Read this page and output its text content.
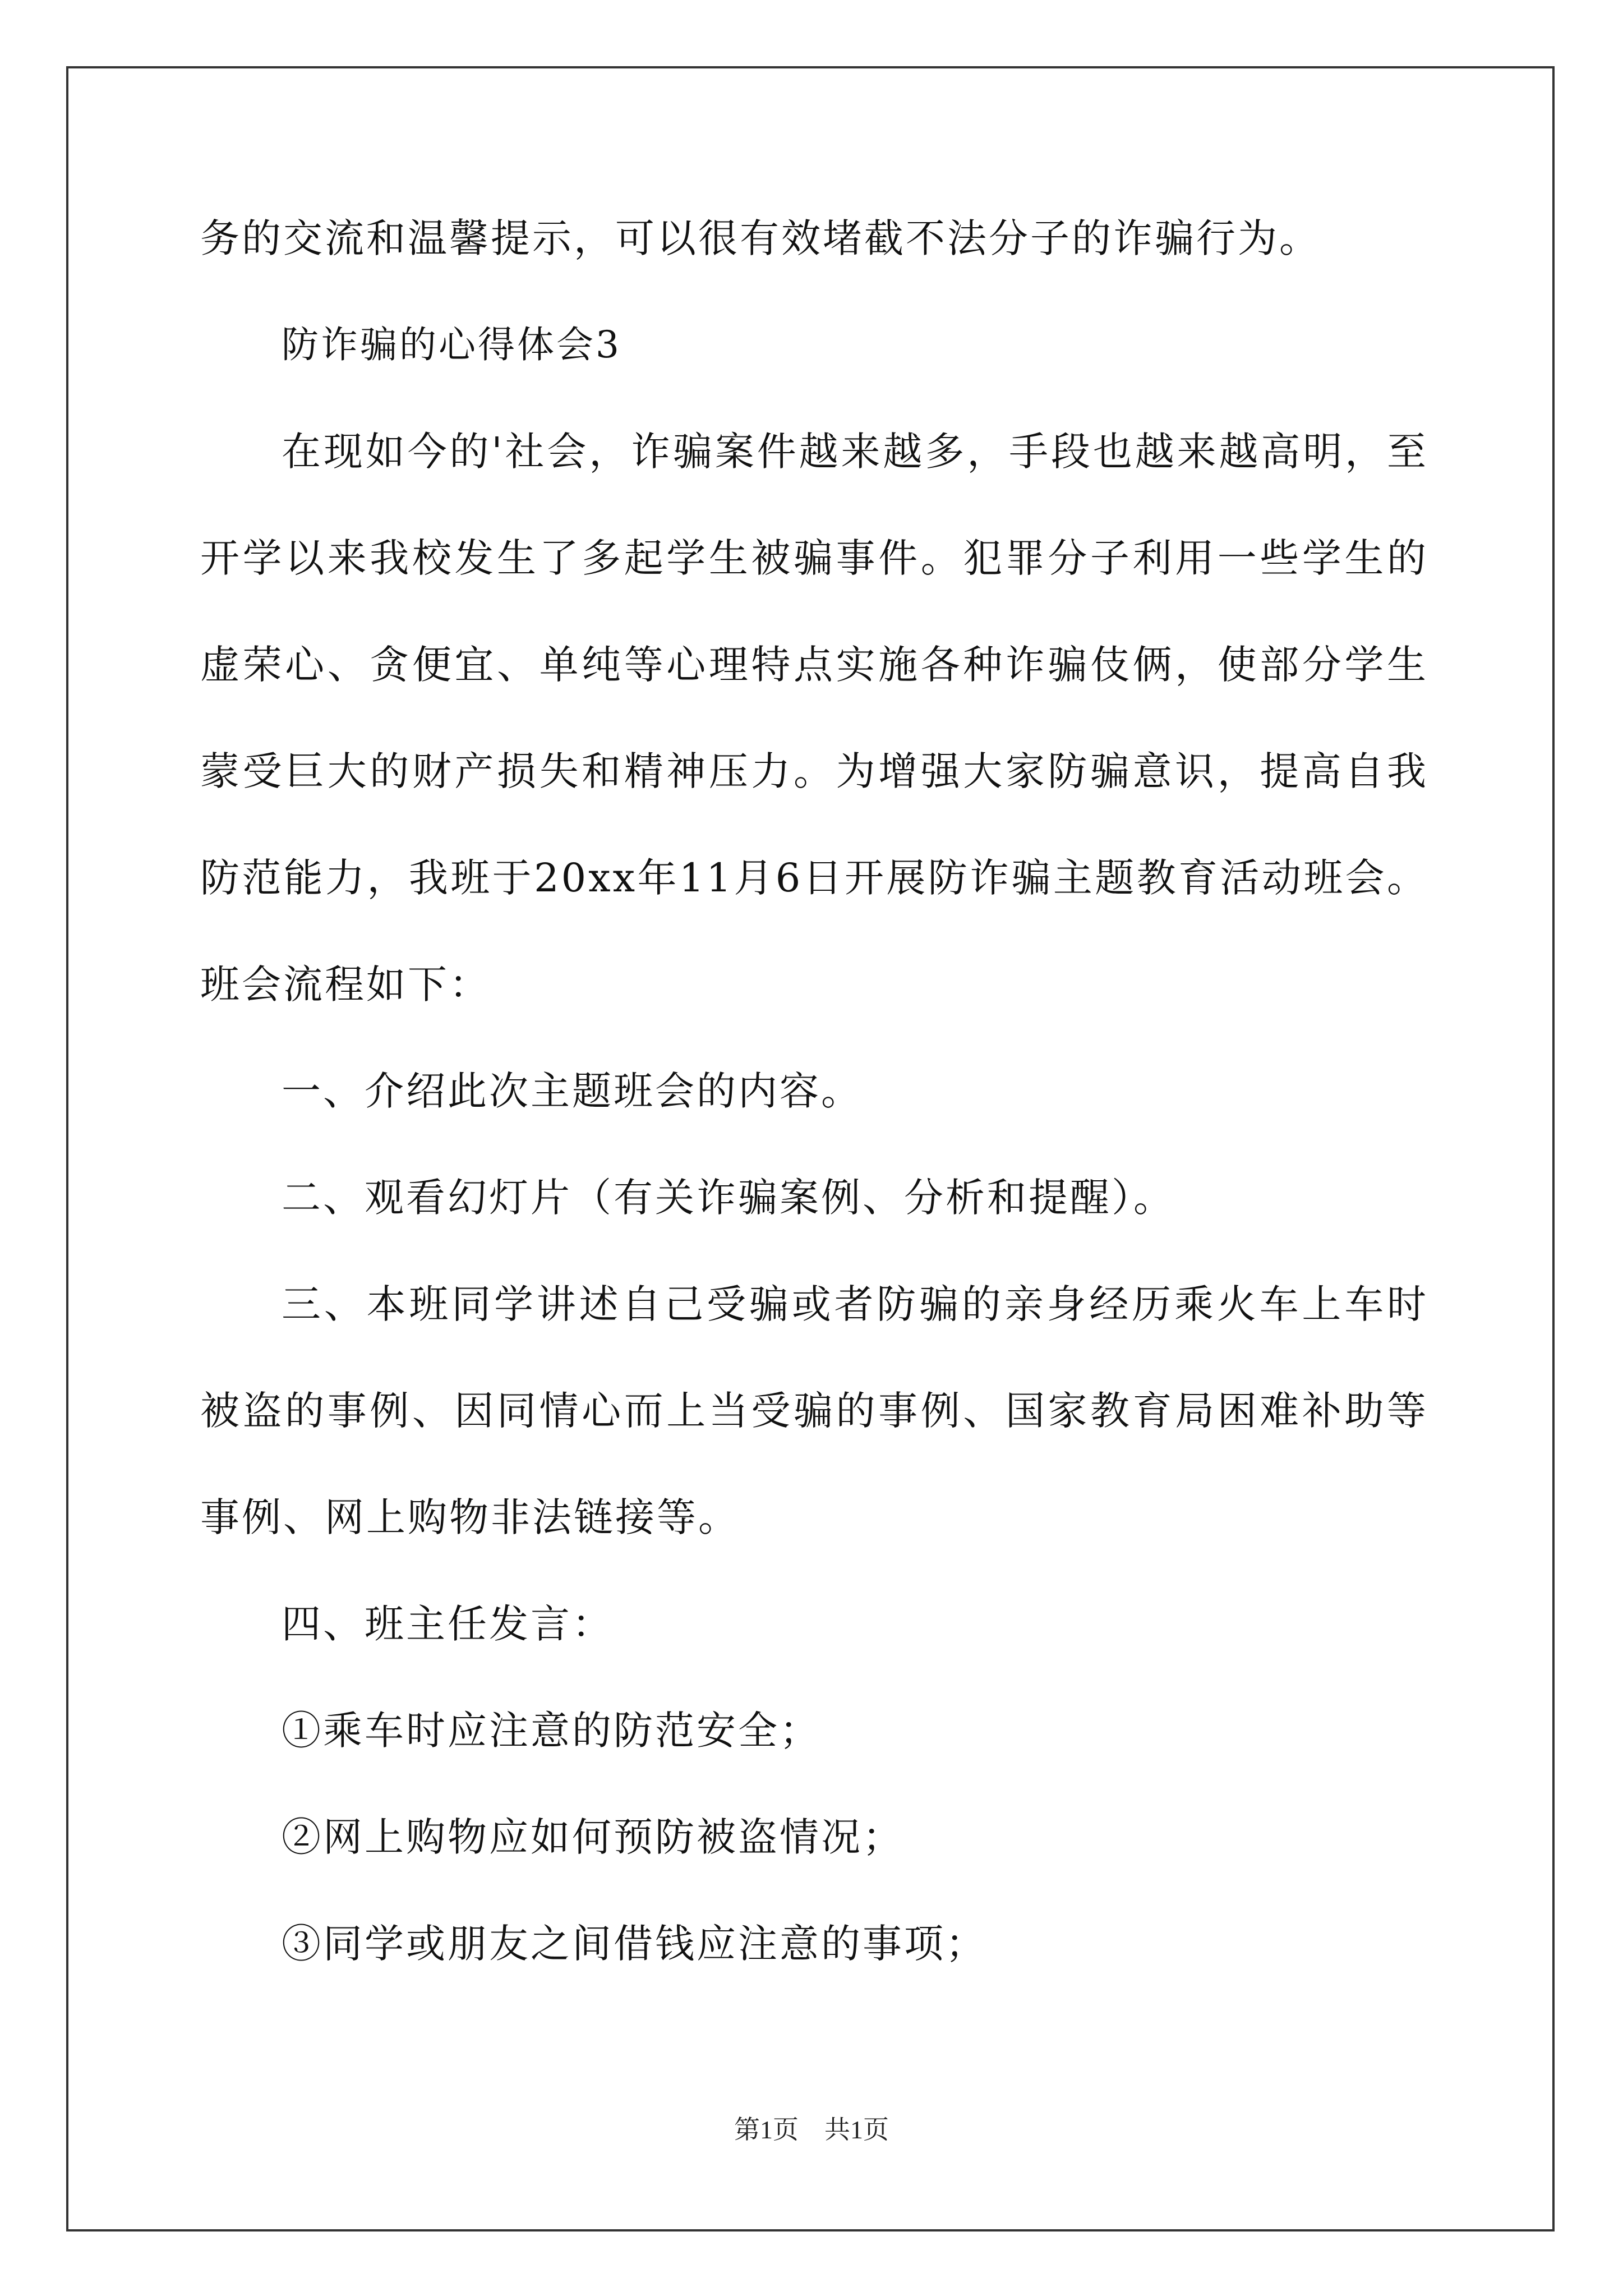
务的交流和温馨提示，可以很有效堵截不法分子的诈骗行为。

防诈骗的心得体会3

在现如今的'社会，诈骗案件越来越多，手段也越来越高明，至开学以来我校发生了多起学生被骗事件。犯罪分子利用一些学生的虚荣心、贪便宜、单纯等心理特点实施各种诈骗伎俩，使部分学生蒙受巨大的财产损失和精神压力。为增强大家防骗意识，提高自我防范能力，我班于20xx年11月6日开展防诈骗主题教育活动班会。班会流程如下：

一、介绍此次主题班会的内容。

二、观看幻灯片（有关诈骗案例、分析和提醒）。

三、本班同学讲述自己受骗或者防骗的亲身经历乘火车上车时被盗的事例、因同情心而上当受骗的事例、国家教育局困难补助等事例、网上购物非法链接等。

四、班主任发言：

①乘车时应注意的防范安全；

②网上购物应如何预防被盗情况；

③同学或朋友之间借钱应注意的事项；

第1页　共1页
